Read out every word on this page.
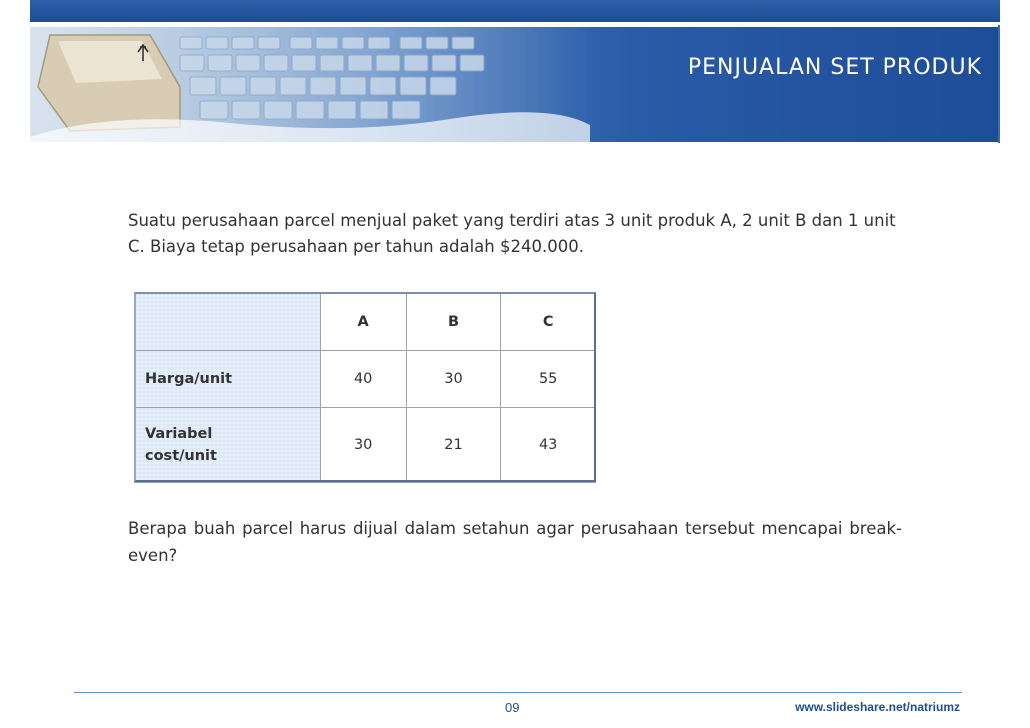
PENJUALAN SET PRODUK
Suatu perusahaan parcel menjual paket yang terdiri atas 3 unit produk A, 2 unit B dan 1 unit C. Biaya tetap perusahaan per tahun adalah $240.000.
	A	B	C
Harga/unit	40	30	55
Variabel cost/unit	30	21	43
Berapa buah parcel harus dijual dalam setahun agar perusahaan tersebut mencapai break-even?
09	www.slideshare.net/natriumz
